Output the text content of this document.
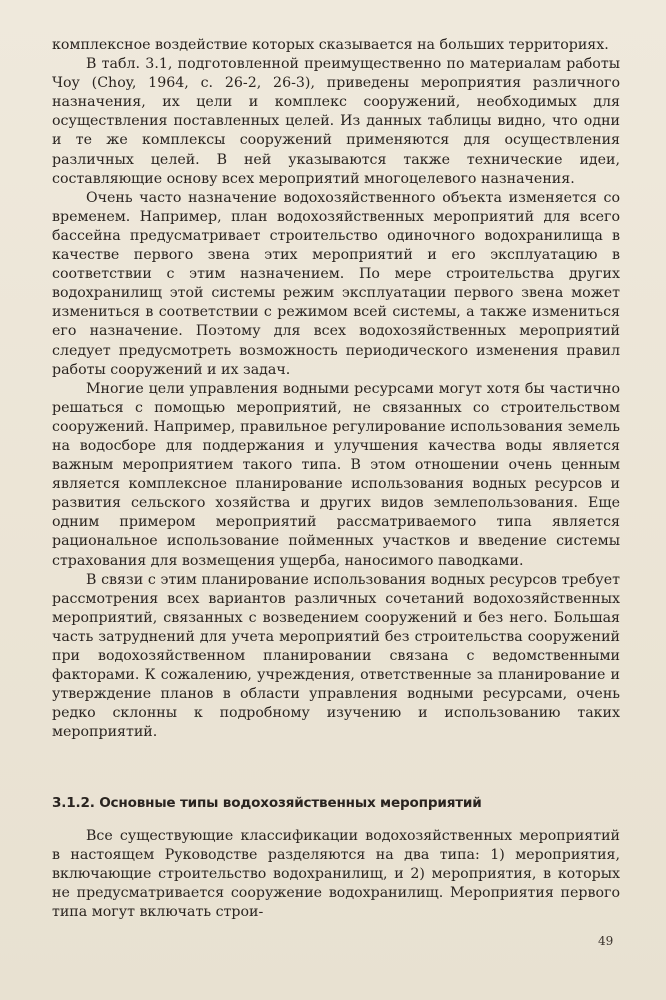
комплексное воздействие которых сказывается на больших территориях.

В табл. 3.1, подготовленной преимущественно по материалам работы Чоу (Choy, 1964, с. 26-2, 26-3), приведены мероприятия различного назначения, их цели и комплекс сооружений, необходимых для осуществления поставленных целей. Из данных таблицы видно, что одни и те же комплексы сооружений применяются для осуществления различных целей. В ней указываются также технические идеи, составляющие основу всех мероприятий многоцелевого назначения.

Очень часто назначение водохозяйственного объекта изменяется со временем. Например, план водохозяйственных мероприятий для всего бассейна предусматривает строительство одиночного водохранилища в качестве первого звена этих мероприятий и его эксплуатацию в соответствии с этим назначением. По мере строительства других водохранилищ этой системы режим эксплуатации первого звена может измениться в соответствии с режимом всей системы, а также измениться его назначение. Поэтому для всех водохозяйственных мероприятий следует предусмотреть возможность периодического изменения правил работы сооружений и их задач.

Многие цели управления водными ресурсами могут хотя бы частично решаться с помощью мероприятий, не связанных со строительством сооружений. Например, правильное регулирование использования земель на водосборе для поддержания и улучшения качества воды является важным мероприятием такого типа. В этом отношении очень ценным является комплексное планирование использования водных ресурсов и развития сельского хозяйства и других видов землепользования. Еще одним примером мероприятий рассматриваемого типа является рациональное использование пойменных участков и введение системы страхования для возмещения ущерба, наносимого паводками.

В связи с этим планирование использования водных ресурсов требует рассмотрения всех вариантов различных сочетаний водохозяйственных мероприятий, связанных с возведением сооружений и без него. Большая часть затруднений для учета мероприятий без строительства сооружений при водохозяйственном планировании связана с ведомственными факторами. К сожалению, учреждения, ответственные за планирование и утверждение планов в области управления водными ресурсами, очень редко склонны к подробному изучению и использованию таких мероприятий.

3.1.2. Основные типы водохозяйственных мероприятий

Все существующие классификации водохозяйственных мероприятий в настоящем Руководстве разделяются на два типа: 1) мероприятия, включающие строительство водохранилищ, и 2) мероприятия, в которых не предусматривается сооружение водохранилищ. Мероприятия первого типа могут включать строи-

49
